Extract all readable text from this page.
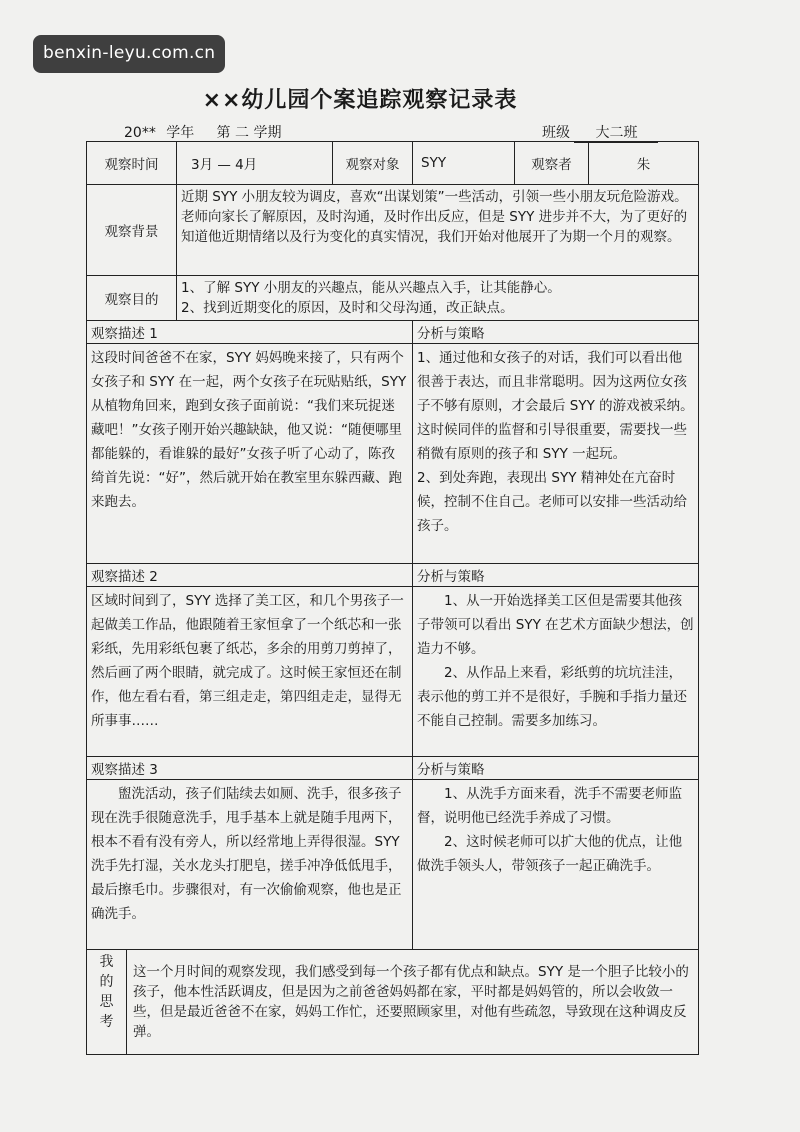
benxin-leyu.com.cn
××幼儿园个案追踪观察记录表
20** 学年 第 二 学期	班级 大二班
观察时间		3月 — 4月	观察对象	SYY	观察者	朱
观察背景		近期 SYY 小朋友较为调皮，喜欢“出谋划策”一些活动，引领一些小朋友玩危险游戏。老师向家长了解原因，及时沟通，及时作出反应，但是 SYY 进步并不大，为了更好的知道他近期情绪以及行为变化的真实情况，我们开始对他展开了为期一个月的观察。				
观察目的		1、了解 SYY 小朋友的兴趣点，能从兴趣点入手，让其能静心。
2、找到近期变化的原因，及时和父母沟通，改正缺点。				

观察描述 1				分析与策略		
这段时间爸爸不在家，SYY 妈妈晚来接了，只有两个女孩子和 SYY 在一起，两个女孩子在玩贴贴纸，SYY 从植物角回来，跑到女孩子面前说：“我们来玩捉迷藏吧！”女孩子刚开始兴趣缺缺，他又说：“随便哪里都能躲的，看谁躲的最好”女孩子听了心动了，陈孜绮首先说：“好”，然后就开始在教室里东躲西藏、跑来跑去。				1、通过他和女孩子的对话，我们可以看出他很善于表达，而且非常聪明。因为这两位女孩子不够有原则，才会最后 SYY 的游戏被采纳。这时候同伴的监督和引导很重要，需要找一些稍微有原则的孩子和 SYY 一起玩。

2、到处奔跑，表现出 SYY 精神处在亢奋时候，控制不住自己。老师可以安排一些活动给孩子。		

观察描述 2				分析与策略		
区域时间到了，SYY 选择了美工区，和几个男孩子一起做美工作品，他跟随着王家恒拿了一个纸芯和一张彩纸，先用彩纸包裹了纸芯，多余的用剪刀剪掉了，然后画了两个眼睛，就完成了。这时候王家恒还在制作，他左看右看，第三组走走，第四组走走，显得无所事事……				1、从一开始选择美工区但是需要其他孩子带领可以看出 SYY 在艺术方面缺少想法，创造力不够。

2、从作品上来看，彩纸剪的坑坑洼洼，表示他的剪工并不是很好，手腕和手指力量还不能自己控制。需要多加练习。		

观察描述 3				分析与策略		
盥洗活动，孩子们陆续去如厕、洗手，很多孩子现在洗手很随意洗手，甩手基本上就是随手甩两下，根本不看有没有旁人，所以经常地上弄得很湿。SYY 洗手先打湿，关水龙头打肥皂，搓手冲净低低甩手，最后擦毛巾。步骤很对，有一次偷偷观察，他也是正确洗手。				1、从洗手方面来看，洗手不需要老师监督，说明他已经洗手养成了习惯。

2、这时候老师可以扩大他的优点，让他做洗手领头人，带领孩子一起正确洗手。		

我
的
思
考	这一个月时间的观察发现，我们感受到每一个孩子都有优点和缺点。SYY 是一个胆子比较小的孩子，他本性活跃调皮，但是因为之前爸爸妈妈都在家，平时都是妈妈管的，所以会收敛一些，但是最近爸爸不在家，妈妈工作忙，还要照顾家里，对他有些疏忽，导致现在这种调皮反弹。					
